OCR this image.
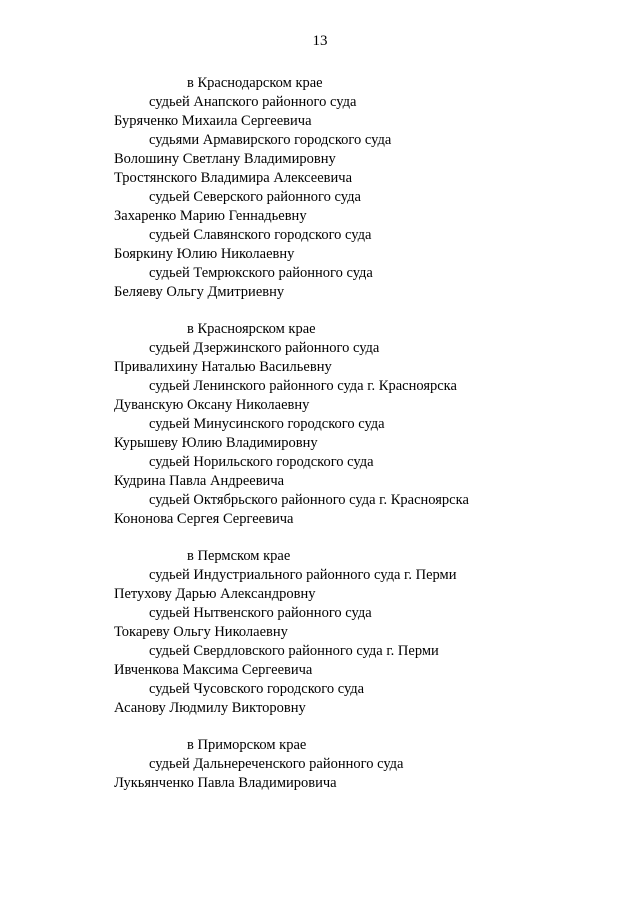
13
в Краснодарском крае
судьей Анапского районного суда
Буряченко Михаила Сергеевича
судьями Армавирского городского суда
Волошину Светлану Владимировну
Тростянского Владимира Алексеевича
судьей Северского районного суда
Захаренко Марию Геннадьевну
судьей Славянского городского суда
Бояркину Юлию Николаевну
судьей Темрюкского районного суда
Беляеву Ольгу Дмитриевну
в Красноярском крае
судьей Дзержинского районного суда
Привалихину Наталью Васильевну
судьей Ленинского районного суда г. Красноярска
Дуванскую Оксану Николаевну
судьей Минусинского городского суда
Курышеву Юлию Владимировну
судьей Норильского городского суда
Кудрина Павла Андреевича
судьей Октябрьского районного суда г. Красноярска
Кононова Сергея Сергеевича
в Пермском крае
судьей Индустриального районного суда г. Перми
Петухову Дарью Александровну
судьей Нытвенского районного суда
Токареву Ольгу Николаевну
судьей Свердловского районного суда г. Перми
Ивченкова Максима Сергеевича
судьей Чусовского городского суда
Асанову Людмилу Викторовну
в Приморском крае
судьей Дальнереченского районного суда
Лукьянченко Павла Владимировича
